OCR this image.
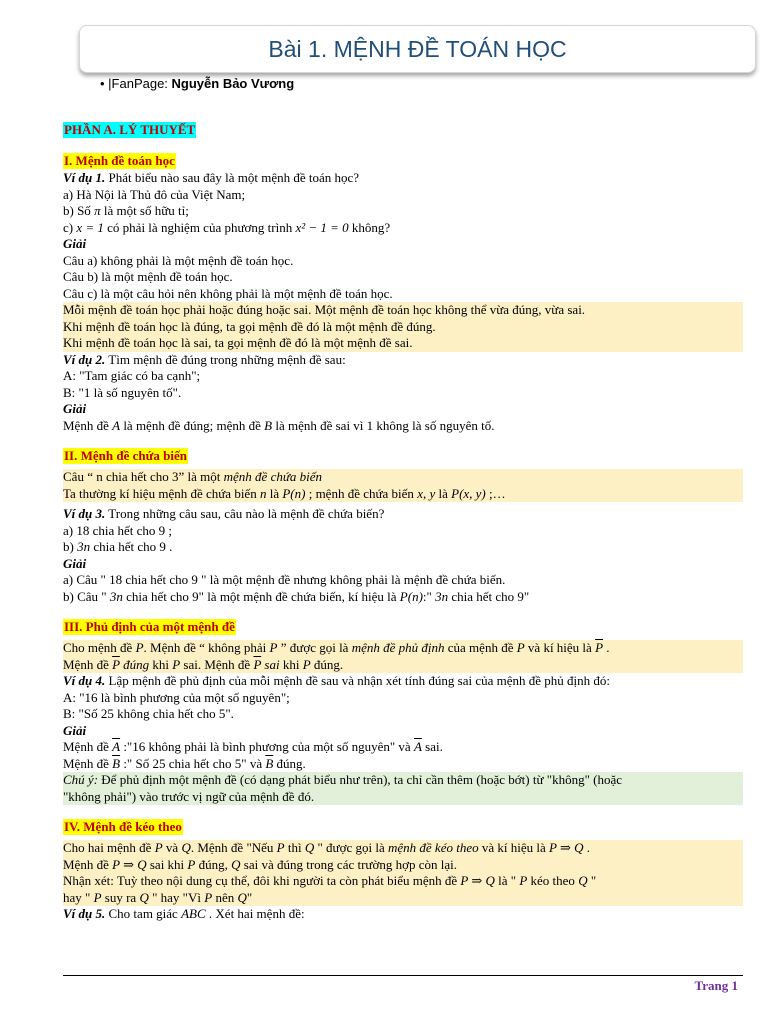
Bài 1. MỆNH ĐỀ TOÁN HỌC
• |FanPage: Nguyễn Bảo Vương
PHẦN A. LÝ THUYẾT
I. Mệnh đề toán học
Ví dụ 1. Phát biểu nào sau đây là một mệnh đề toán học?
a) Hà Nội là Thủ đô của Việt Nam;
b) Số π là một số hữu tỉ;
c) x = 1 có phải là nghiệm của phương trình x² − 1 = 0 không?
Giải
Câu a) không phải là một mệnh đề toán học.
Câu b) là một mệnh đề toán học.
Câu c) là một câu hỏi nên không phải là một mệnh đề toán học.
Mỗi mệnh đề toán học phải hoặc đúng hoặc sai. Một mệnh đề toán học không thể vừa đúng, vừa sai.
Khi mệnh đề toán học là đúng, ta gọi mệnh đề đó là một mệnh đề đúng.
Khi mệnh đề toán học là sai, ta gọi mệnh đề đó là một mệnh đề sai.
Ví dụ 2. Tìm mệnh đề đúng trong những mệnh đề sau:
A: "Tam giác có ba cạnh";
B: "1 là số nguyên tố".
Giải
Mệnh đề A là mệnh đề đúng; mệnh đề B là mệnh đề sai vì 1 không là số nguyên tố.
II. Mệnh đề chứa biến
Câu “ n chia hết cho 3” là một mệnh đề chứa biến
Ta thường kí hiệu mệnh đề chứa biến n là P(n) ; mệnh đề chứa biến x, y là P(x, y) ;…
Ví dụ 3. Trong những câu sau, câu nào là mệnh đề chứa biến?
a) 18 chia hết cho 9 ;
b) 3n chia hết cho 9 .
Giải
a) Câu " 18 chia hết cho 9 " là một mệnh đề nhưng không phải là mệnh đề chứa biến.
b) Câu " 3n chia hết cho 9" là một mệnh đề chứa biến, kí hiệu là P(n):" 3n chia hết cho 9"
III. Phủ định của một mệnh đề
Cho mệnh đề P. Mệnh đề “ không phải P ” được gọi là mệnh đề phủ định của mệnh đề P và kí hiệu là $\overline{P}$ .
Mệnh đề $\overline{P}$ đúng khi P sai. Mệnh đề $\overline{P}$ sai khi P đúng.
Ví dụ 4. Lập mệnh đề phủ định của mỗi mệnh đề sau và nhận xét tính đúng sai của mệnh đề phủ định đó:
A: "16 là bình phương của một số nguyên";
B: "Số 25 không chia hết cho 5".
Giải
Mệnh đề $\overline{A}$ :"16 không phải là bình phương của một số nguyên" và $\overline{A}$ sai.
Mệnh đề $\overline{B}$ :" Số 25 chia hết cho 5" và $\overline{B}$ đúng.
Chú ý: Để phủ định một mệnh đề (có dạng phát biểu như trên), ta chỉ cần thêm (hoặc bớt) từ "không" (hoặc
"không phải") vào trước vị ngữ của mệnh đề đó.
IV. Mệnh đề kéo theo
Cho hai mệnh đề P và Q. Mệnh đề "Nếu P thì Q " được gọi là mệnh đề kéo theo và kí hiệu là P ⇒ Q .
Mệnh đề P ⇒ Q sai khi P đúng, Q sai và đúng trong các trường hợp còn lại.
Nhận xét: Tuỳ theo nội dung cụ thể, đôi khi người ta còn phát biểu mệnh đề P ⇒ Q là " P kéo theo Q "
hay " P suy ra Q " hay "Vì P nên Q"
Ví dụ 5. Cho tam giác ABC . Xét hai mệnh đề:
Trang 1
